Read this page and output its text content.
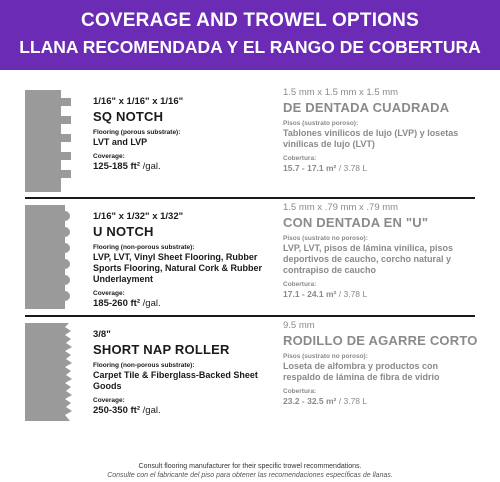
COVERAGE AND TROWEL OPTIONS
LLANA RECOMENDADA Y EL RANGO DE COBERTURA
1/16" x 1/16" x 1/16"
SQ NOTCH
Flooring (porous substrate):
LVT and LVP
Coverage:
125-185 ft² /gal.
1.5 mm x 1.5 mm x 1.5 mm
DE DENTADA CUADRADA
Pisos (sustrato poroso):
Tablones vinílicos de lujo (LVP) y losetas vinílicas de lujo (LVT)
Cobertura:
15.7 - 17.1 m² / 3.78 L
1/16" x 1/32" x 1/32"
U NOTCH
Flooring (non-porous substrate):
LVP, LVT, Vinyl Sheet Flooring, Rubber Sports Flooring, Natural Cork & Rubber Underlayment
Coverage:
185-260 ft² /gal.
1.5 mm x .79 mm x .79 mm
CON DENTADA EN "U"
Pisos (sustrato no poroso):
LVP, LVT, pisos de lámina vinílica, pisos deportivos de caucho, corcho natural y contrapiso de caucho
Cobertura:
17.1 - 24.1 m² / 3.78 L
3/8"
SHORT NAP ROLLER
Flooring (non-porous substrate):
Carpet Tile & Fiberglass-Backed Sheet Goods
Coverage:
250-350 ft² /gal.
9.5 mm
RODILLO DE AGARRE CORTO
Pisos (sustrato no poroso):
Loseta de alfombra y productos con respaldo de lámina de fibra de vidrio
Cobertura:
23.2 - 32.5 m² / 3.78 L
Consult flooring manufacturer for their specific trowel recommendations.
Consulte con el fabricante del piso para obtener las recomendaciones específicas de llanas.
